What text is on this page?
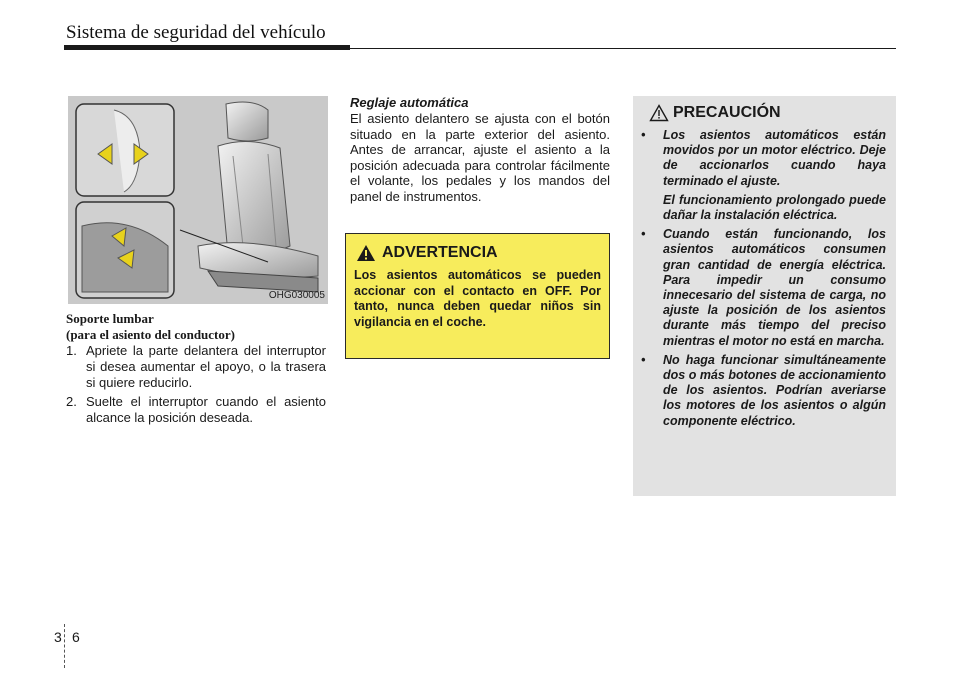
Sistema de seguridad del vehículo
OHG030005
Soporte lumbar
(para el asiento del conductor)
1. Apriete la parte delantera del interruptor si desea aumentar el apoyo, o la trasera si quiere reducirlo.
2. Suelte el interruptor cuando el asiento alcance la posición deseada.
Reglaje automática
El asiento delantero se ajusta con el botón situado en la parte exterior del asiento. Antes de arrancar, ajuste el asiento a la posición adecuada para controlar fácilmente el volante, los pedales y los mandos del panel de instrumentos.
ADVERTENCIA
Los asientos automáticos se pueden accionar con el contacto en OFF. Por tanto, nunca deben quedar niños sin vigilancia en el coche.
PRECAUCIÓN
•	Los asientos automáticos están movidos por un motor eléctrico. Deje de accionarlos cuando haya terminado el ajuste.
El funcionamiento prolongado puede dañar la instalación eléctrica.
•	Cuando están funcionando, los asientos automáticos consumen gran cantidad de energía eléctrica. Para impedir un consumo innecesario del sistema de carga, no ajuste la posición de los asientos durante más tiempo del preciso mientras el motor no está en marcha.
•	No haga funcionar simultáneamente dos o más botones de accionamiento de los asientos. Podrían averiarse los motores de los asientos o algún componente eléctrico.
3 6
